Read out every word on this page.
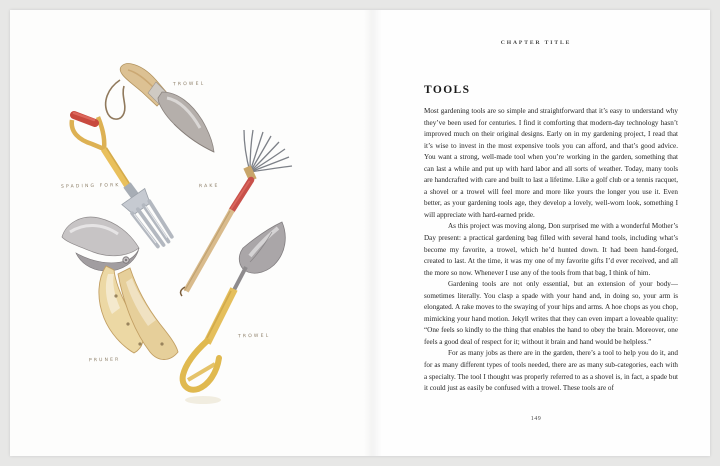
TROWEL
SPADING FORK	RAKE
PRUNER
TROWEL
CHAPTER TITLE
TOOLS

Most gardening tools are so simple and straightforward that it’s easy to understand why they’ve been used for centuries. I find it comforting that modern-day technology hasn’t improved much on their original designs. Early on in my gardening project, I read that it’s wise to invest in the most expensive tools you can afford, and that’s good advice. You want a strong, well-made tool when you’re working in the garden, something that can last a while and put up with hard labor and all sorts of weather. Today, many tools are handcrafted with care and built to last a lifetime. Like a golf club or a tennis racquet, a shovel or a trowel will feel more and more like yours the longer you use it. Even better, as your gardening tools age, they develop a lovely, well-worn look, something I will appreciate with hard-earned pride.

As this project was moving along, Don surprised me with a wonderful Mother’s Day present: a practical gardening bag filled with several hand tools, including what’s become my favorite, a trowel, which he’d hunted down. It had been hand-forged, created to last. At the time, it was my one of my favorite gifts I’d ever received, and all the more so now. Whenever I use any of the tools from that bag, I think of him.

Gardening tools are not only essential, but an extension of your body—sometimes literally. You clasp a spade with your hand and, in doing so, your arm is elongated. A rake moves to the swaying of your hips and arms. A hoe chops as you chop, mimicking your hand motion. Jekyll writes that they can even impart a loveable quality: “One feels so kindly to the thing that enables the hand to obey the brain. Moreover, one feels a good deal of respect for it; without it brain and hand would be helpless.”

For as many jobs as there are in the garden, there’s a tool to help you do it, and for as many different types of tools needed, there are as many sub-categories, each with a specialty. The tool I thought was properly referred to as a shovel is, in fact, a spade but it could just as easily be confused with a trowel. These tools are of

149
